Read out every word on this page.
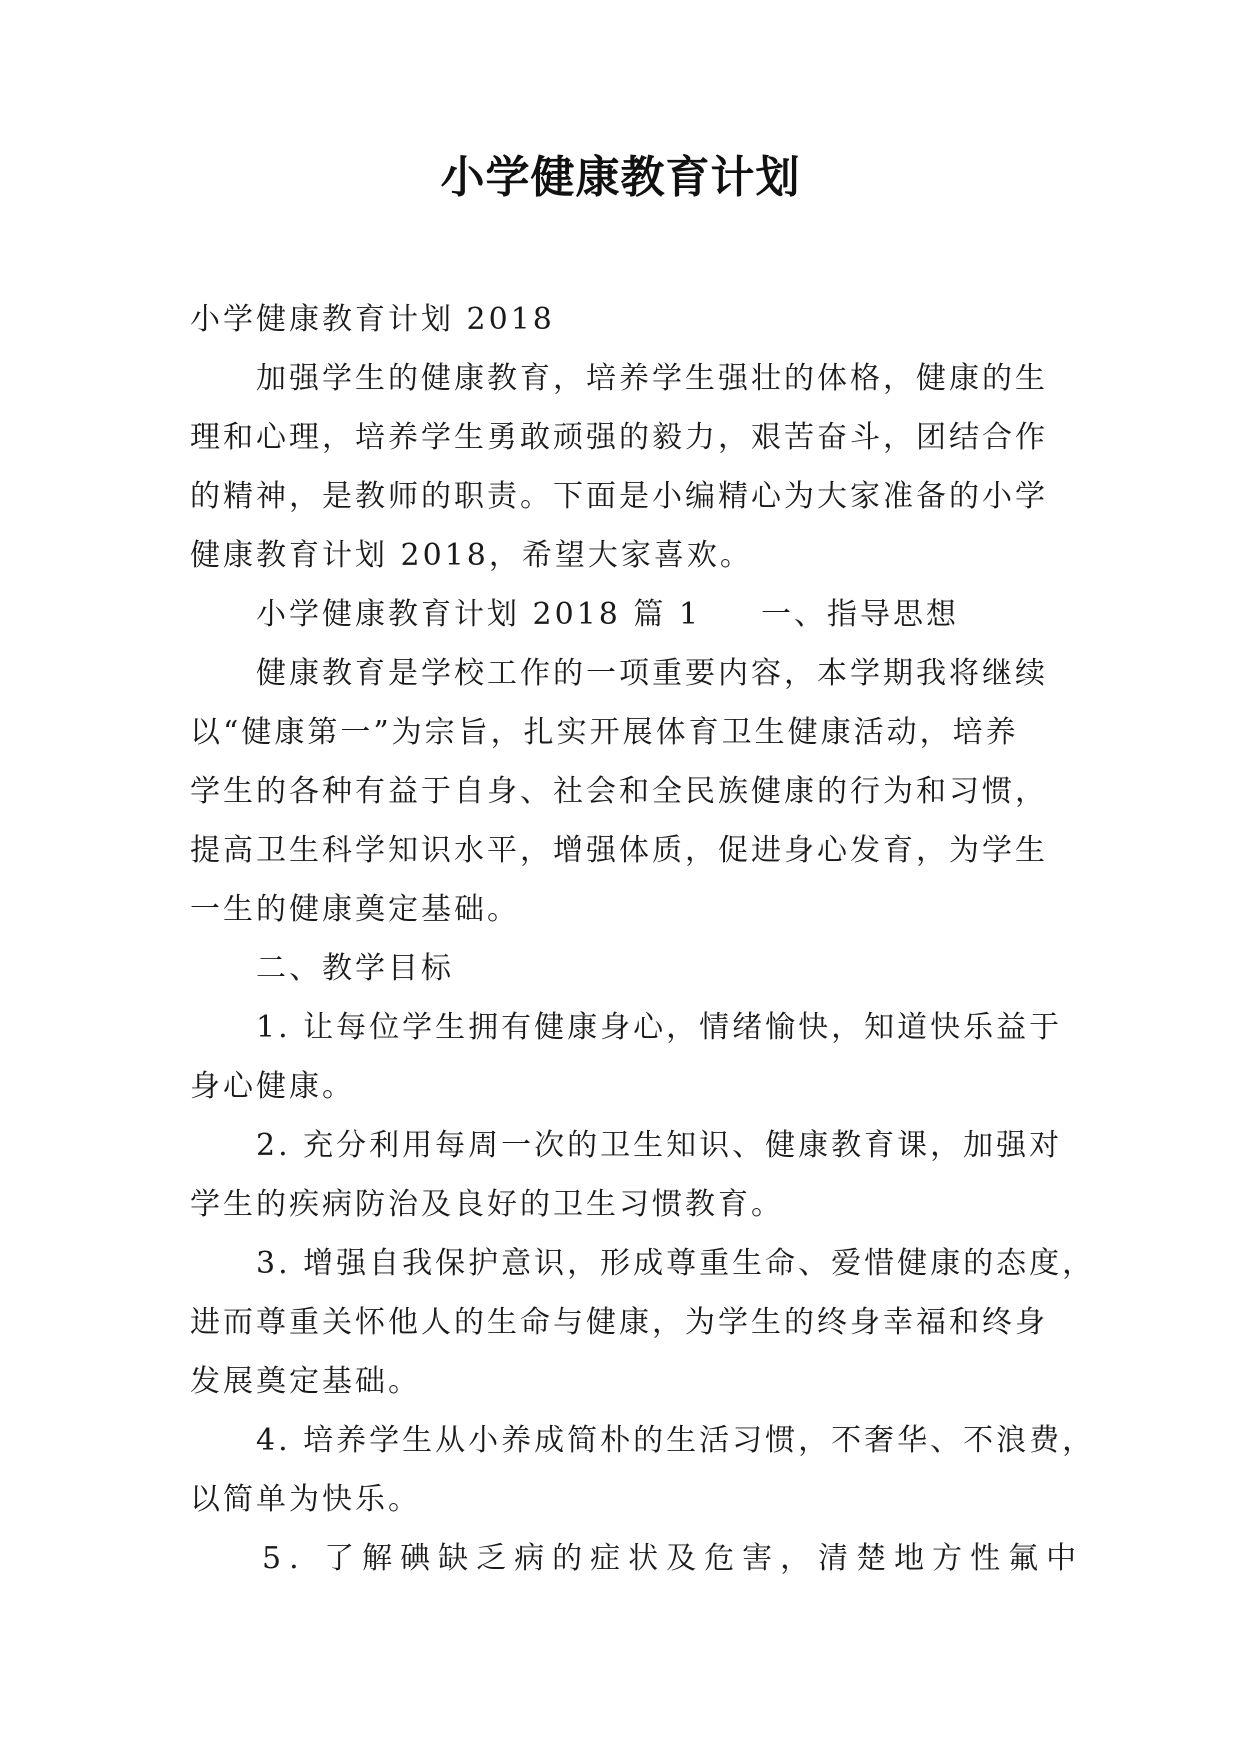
小学健康教育计划
小学健康教育计划 2018
加强学生的健康教育，培养学生强壮的体格，健康的生
理和心理，培养学生勇敢顽强的毅力，艰苦奋斗，团结合作
的精神，是教师的职责。下面是小编精心为大家准备的小学
健康教育计划 2018，希望大家喜欢。
小学健康教育计划 2018 篇 1 一、指导思想
健康教育是学校工作的一项重要内容，本学期我将继续
以“健康第一”为宗旨，扎实开展体育卫生健康活动，培养
学生的各种有益于自身、社会和全民族健康的行为和习惯，
提高卫生科学知识水平，增强体质，促进身心发育，为学生
一生的健康奠定基础。
二、教学目标
1. 让每位学生拥有健康身心，情绪愉快，知道快乐益于
身心健康。
2. 充分利用每周一次的卫生知识、健康教育课，加强对
学生的疾病防治及良好的卫生习惯教育。
3. 增强自我保护意识，形成尊重生命、爱惜健康的态度，
进而尊重关怀他人的生命与健康，为学生的终身幸福和终身
发展奠定基础。
4. 培养学生从小养成简朴的生活习惯，不奢华、不浪费，
以简单为快乐。
5. 了解碘缺乏病的症状及危害，清楚地方性氟中
